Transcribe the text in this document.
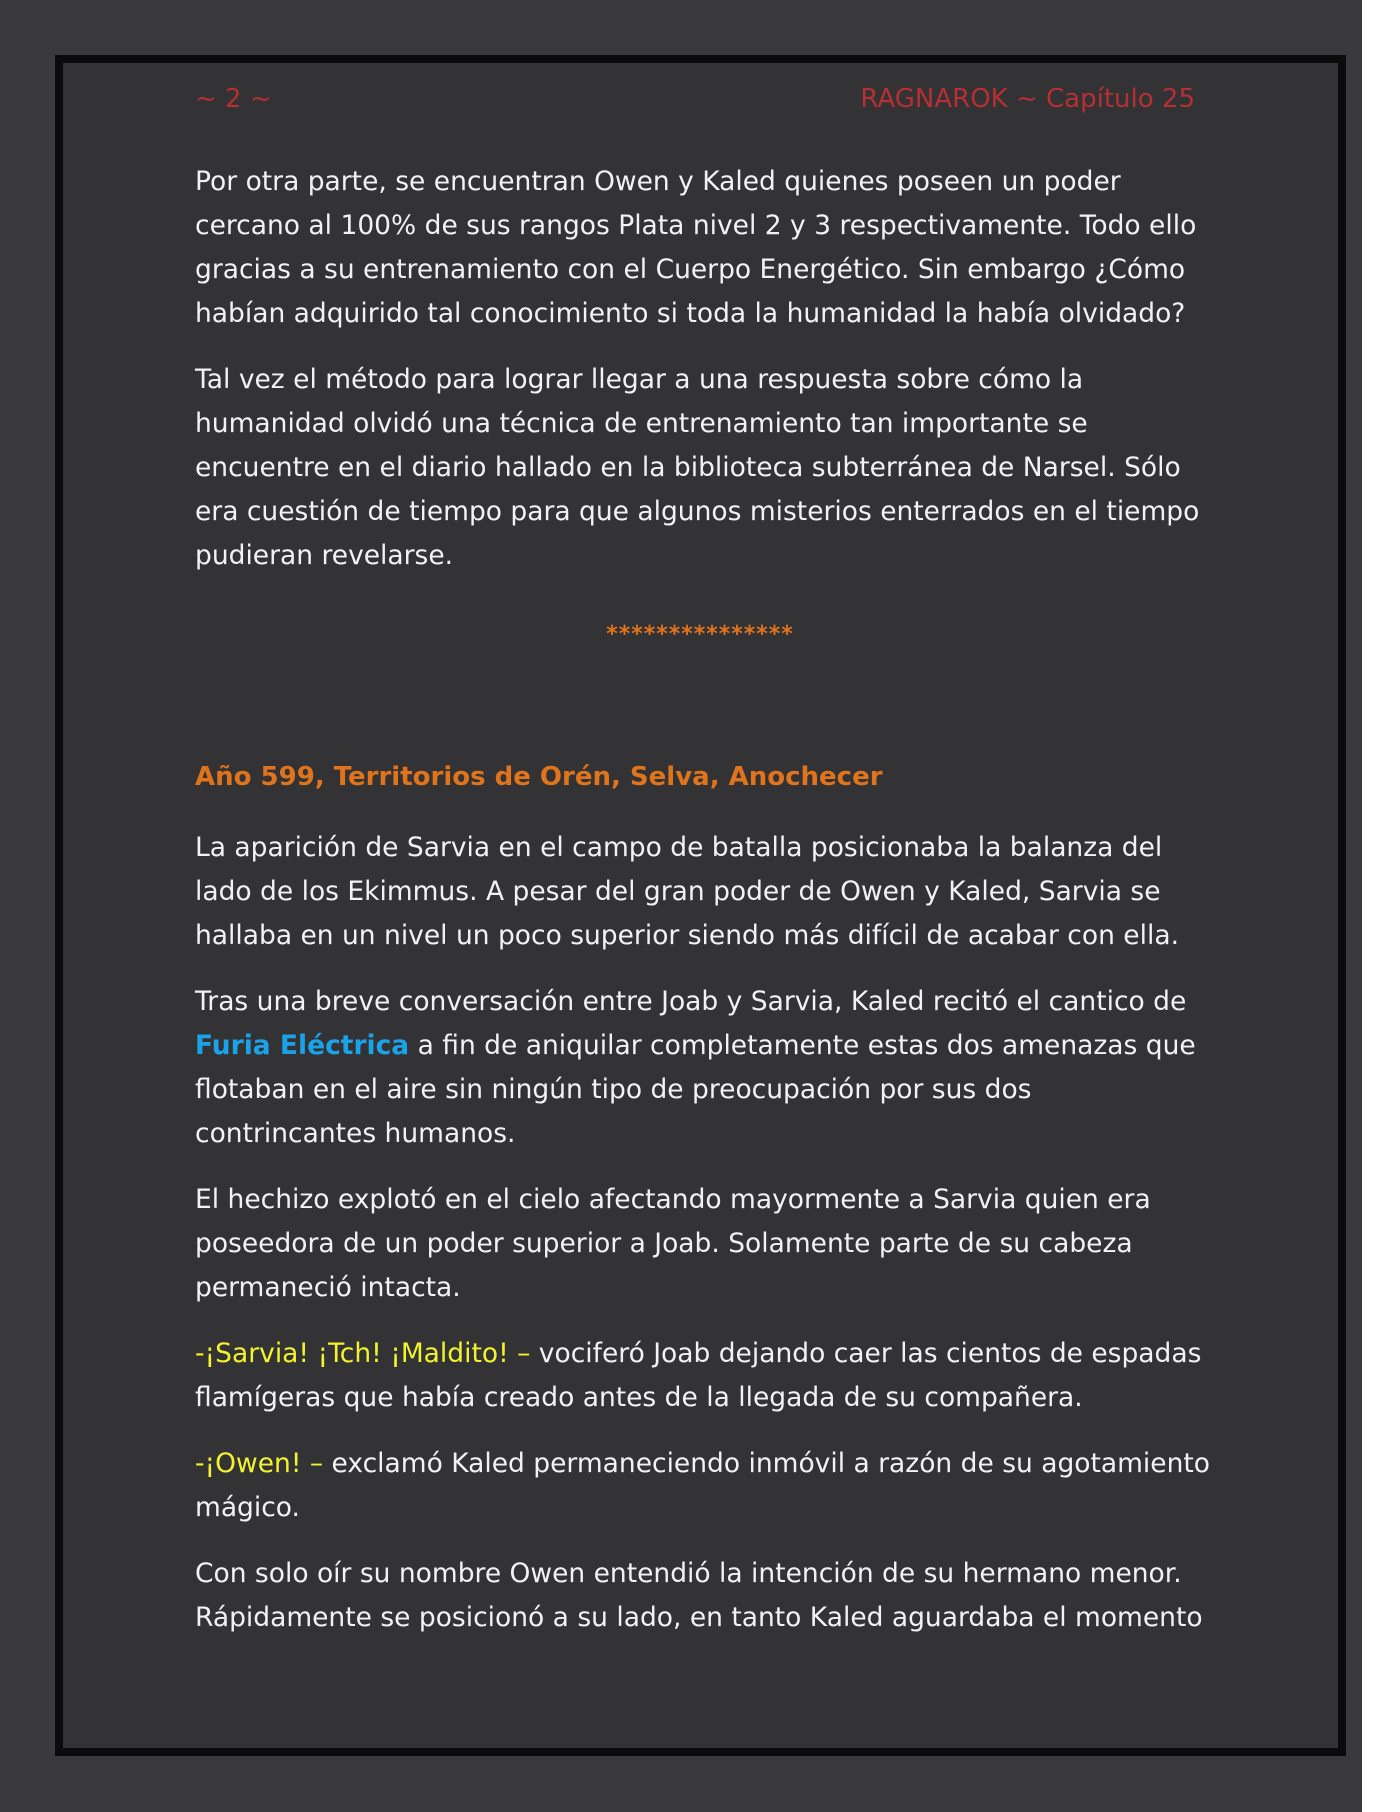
~ 2 ~	RAGNAROK ~ Capítulo 25

Por otra parte, se encuentran Owen y Kaled quienes poseen un poder cercano al 100% de sus rangos Plata nivel 2 y 3 respectivamente. Todo ello gracias a su entrenamiento con el Cuerpo Energético. Sin embargo ¿Cómo habían adquirido tal conocimiento si toda la humanidad la había olvidado?

Tal vez el método para lograr llegar a una respuesta sobre cómo la humanidad olvidó una técnica de entrenamiento tan importante se encuentre en el diario hallado en la biblioteca subterránea de Narsel. Sólo era cuestión de tiempo para que algunos misterios enterrados en el tiempo pudieran revelarse.

***************
Año 599, Territorios de Orén, Selva, Anochecer

La aparición de Sarvia en el campo de batalla posicionaba la balanza del lado de los Ekimmus. A pesar del gran poder de Owen y Kaled, Sarvia se hallaba en un nivel un poco superior siendo más difícil de acabar con ella.

Tras una breve conversación entre Joab y Sarvia, Kaled recitó el cantico de Furia Eléctrica a fin de aniquilar completamente estas dos amenazas que flotaban en el aire sin ningún tipo de preocupación por sus dos contrincantes humanos.

El hechizo explotó en el cielo afectando mayormente a Sarvia quien era poseedora de un poder superior a Joab. Solamente parte de su cabeza permaneció intacta.

-¡Sarvia! ¡Tch! ¡Maldito! – vociferó Joab dejando caer las cientos de espadas flamígeras que había creado antes de la llegada de su compañera.

-¡Owen! – exclamó Kaled permaneciendo inmóvil a razón de su agotamiento mágico.

Con solo oír su nombre Owen entendió la intención de su hermano menor. Rápidamente se posicionó a su lado, en tanto Kaled aguardaba el momento
